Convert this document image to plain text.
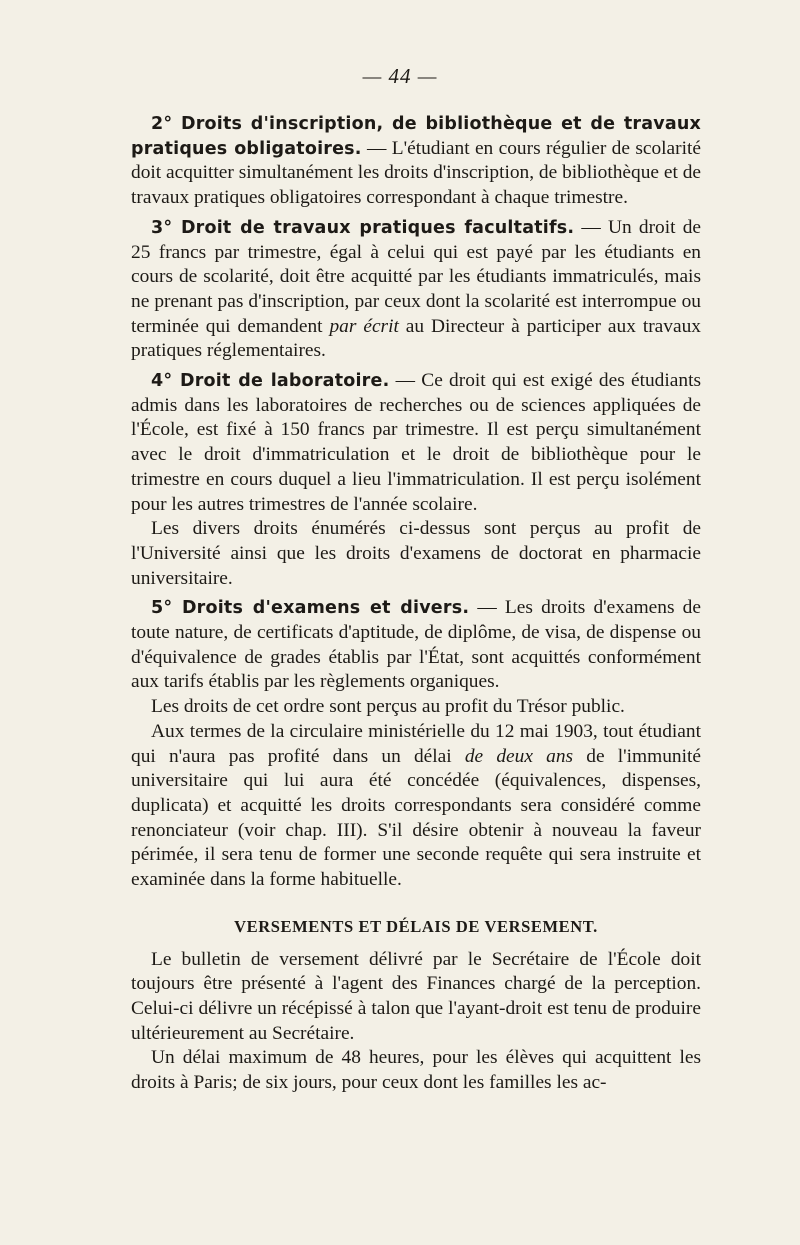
— 44 —

2° Droits d'inscription, de bibliothèque et de travaux pratiques obligatoires. — L'étudiant en cours régulier de scolarité doit acquitter simultanément les droits d'inscription, de bibliothèque et de travaux pratiques obligatoires correspondant à chaque trimestre.

3° Droit de travaux pratiques facultatifs. — Un droit de 25 francs par trimestre, égal à celui qui est payé par les étudiants en cours de scolarité, doit être acquitté par les étudiants immatriculés, mais ne prenant pas d'inscription, par ceux dont la scolarité est interrompue ou terminée qui demandent par écrit au Directeur à participer aux travaux pratiques réglementaires.

4° Droit de laboratoire. — Ce droit qui est exigé des étudiants admis dans les laboratoires de recherches ou de sciences appliquées de l'École, est fixé à 150 francs par trimestre. Il est perçu simultanément avec le droit d'immatriculation et le droit de bibliothèque pour le trimestre en cours duquel a lieu l'immatriculation. Il est perçu isolément pour les autres trimestres de l'année scolaire.

Les divers droits énumérés ci-dessus sont perçus au profit de l'Université ainsi que les droits d'examens de doctorat en pharmacie universitaire.

5° Droits d'examens et divers. — Les droits d'examens de toute nature, de certificats d'aptitude, de diplôme, de visa, de dispense ou d'équivalence de grades établis par l'État, sont acquittés conformément aux tarifs établis par les règlements organiques.

Les droits de cet ordre sont perçus au profit du Trésor public.

Aux termes de la circulaire ministérielle du 12 mai 1903, tout étudiant qui n'aura pas profité dans un délai de deux ans de l'immunité universitaire qui lui aura été concédée (équivalences, dispenses, duplicata) et acquitté les droits correspondants sera considéré comme renonciateur (voir chap. III). S'il désire obtenir à nouveau la faveur périmée, il sera tenu de former une seconde requête qui sera instruite et examinée dans la forme habituelle.

VERSEMENTS ET DÉLAIS DE VERSEMENT.

Le bulletin de versement délivré par le Secrétaire de l'École doit toujours être présenté à l'agent des Finances chargé de la perception. Celui-ci délivre un récépissé à talon que l'ayant-droit est tenu de produire ultérieurement au Secrétaire.

Un délai maximum de 48 heures, pour les élèves qui acquittent les droits à Paris; de six jours, pour ceux dont les familles les ac-
